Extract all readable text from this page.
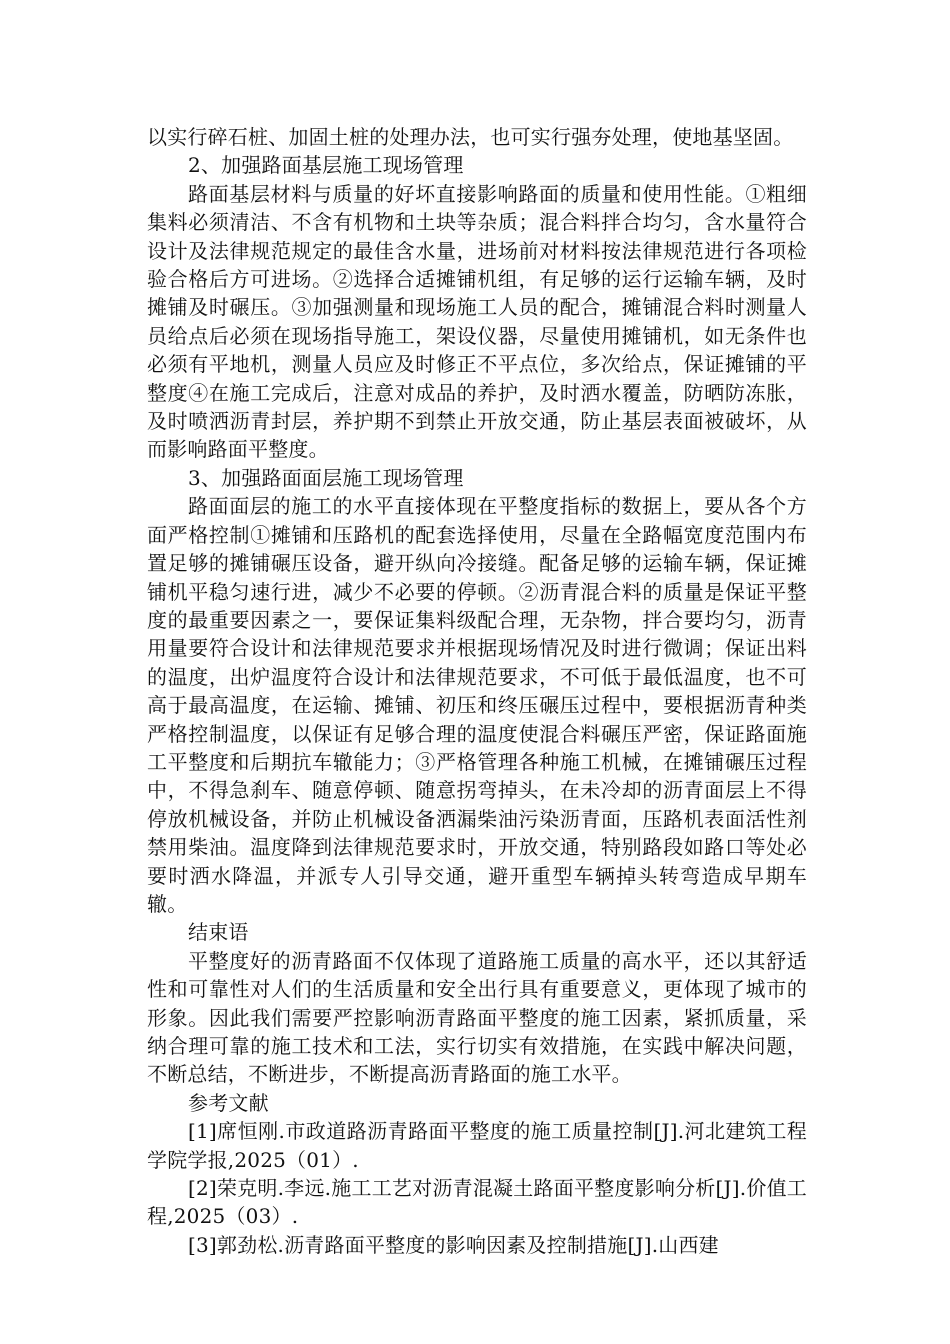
以实行碎石桩、加固土桩的处理办法，也可实行强夯处理，使地基坚固。

2、加强路面基层施工现场管理

路面基层材料与质量的好坏直接影响路面的质量和使用性能。①粗细集料必须清洁、不含有机物和土块等杂质；混合料拌合均匀，含水量符合设计及法律规范规定的最佳含水量，进场前对材料按法律规范进行各项检验合格后方可进场。②选择合适摊铺机组，有足够的运行运输车辆，及时摊铺及时碾压。③加强测量和现场施工人员的配合，摊铺混合料时测量人员给点后必须在现场指导施工，架设仪器，尽量使用摊铺机，如无条件也必须有平地机，测量人员应及时修正不平点位，多次给点，保证摊铺的平整度④在施工完成后，注意对成品的养护，及时洒水覆盖，防晒防冻胀，及时喷洒沥青封层，养护期不到禁止开放交通，防止基层表面被破坏，从而影响路面平整度。

3、加强路面面层施工现场管理

路面面层的施工的水平直接体现在平整度指标的数据上，要从各个方面严格控制①摊铺和压路机的配套选择使用，尽量在全路幅宽度范围内布置足够的摊铺碾压设备，避开纵向冷接缝。配备足够的运输车辆，保证摊铺机平稳匀速行进，减少不必要的停顿。②沥青混合料的质量是保证平整度的最重要因素之一，要保证集料级配合理，无杂物，拌合要均匀，沥青用量要符合设计和法律规范要求并根据现场情况及时进行微调；保证出料的温度，出炉温度符合设计和法律规范要求，不可低于最低温度，也不可高于最高温度，在运输、摊铺、初压和终压碾压过程中，要根据沥青种类严格控制温度，以保证有足够合理的温度使混合料碾压严密，保证路面施工平整度和后期抗车辙能力；③严格管理各种施工机械，在摊铺碾压过程中，不得急刹车、随意停顿、随意拐弯掉头，在未冷却的沥青面层上不得停放机械设备，并防止机械设备洒漏柴油污染沥青面，压路机表面活性剂禁用柴油。温度降到法律规范要求时，开放交通，特别路段如路口等处必要时洒水降温，并派专人引导交通，避开重型车辆掉头转弯造成早期车辙。

结束语

平整度好的沥青路面不仅体现了道路施工质量的高水平，还以其舒适性和可靠性对人们的生活质量和安全出行具有重要意义，更体现了城市的形象。因此我们需要严控影响沥青路面平整度的施工因素，紧抓质量，采纳合理可靠的施工技术和工法，实行切实有效措施，在实践中解决问题，不断总结，不断进步，不断提高沥青路面的施工水平。

参考文献

[1]席恒刚.市政道路沥青路面平整度的施工质量控制[J].河北建筑工程学院学报,2025（01）.

[2]荣克明.李远.施工工艺对沥青混凝土路面平整度影响分析[J].价值工程,2025（03）.

[3]郭劲松.沥青路面平整度的影响因素及控制措施[J].山西建
